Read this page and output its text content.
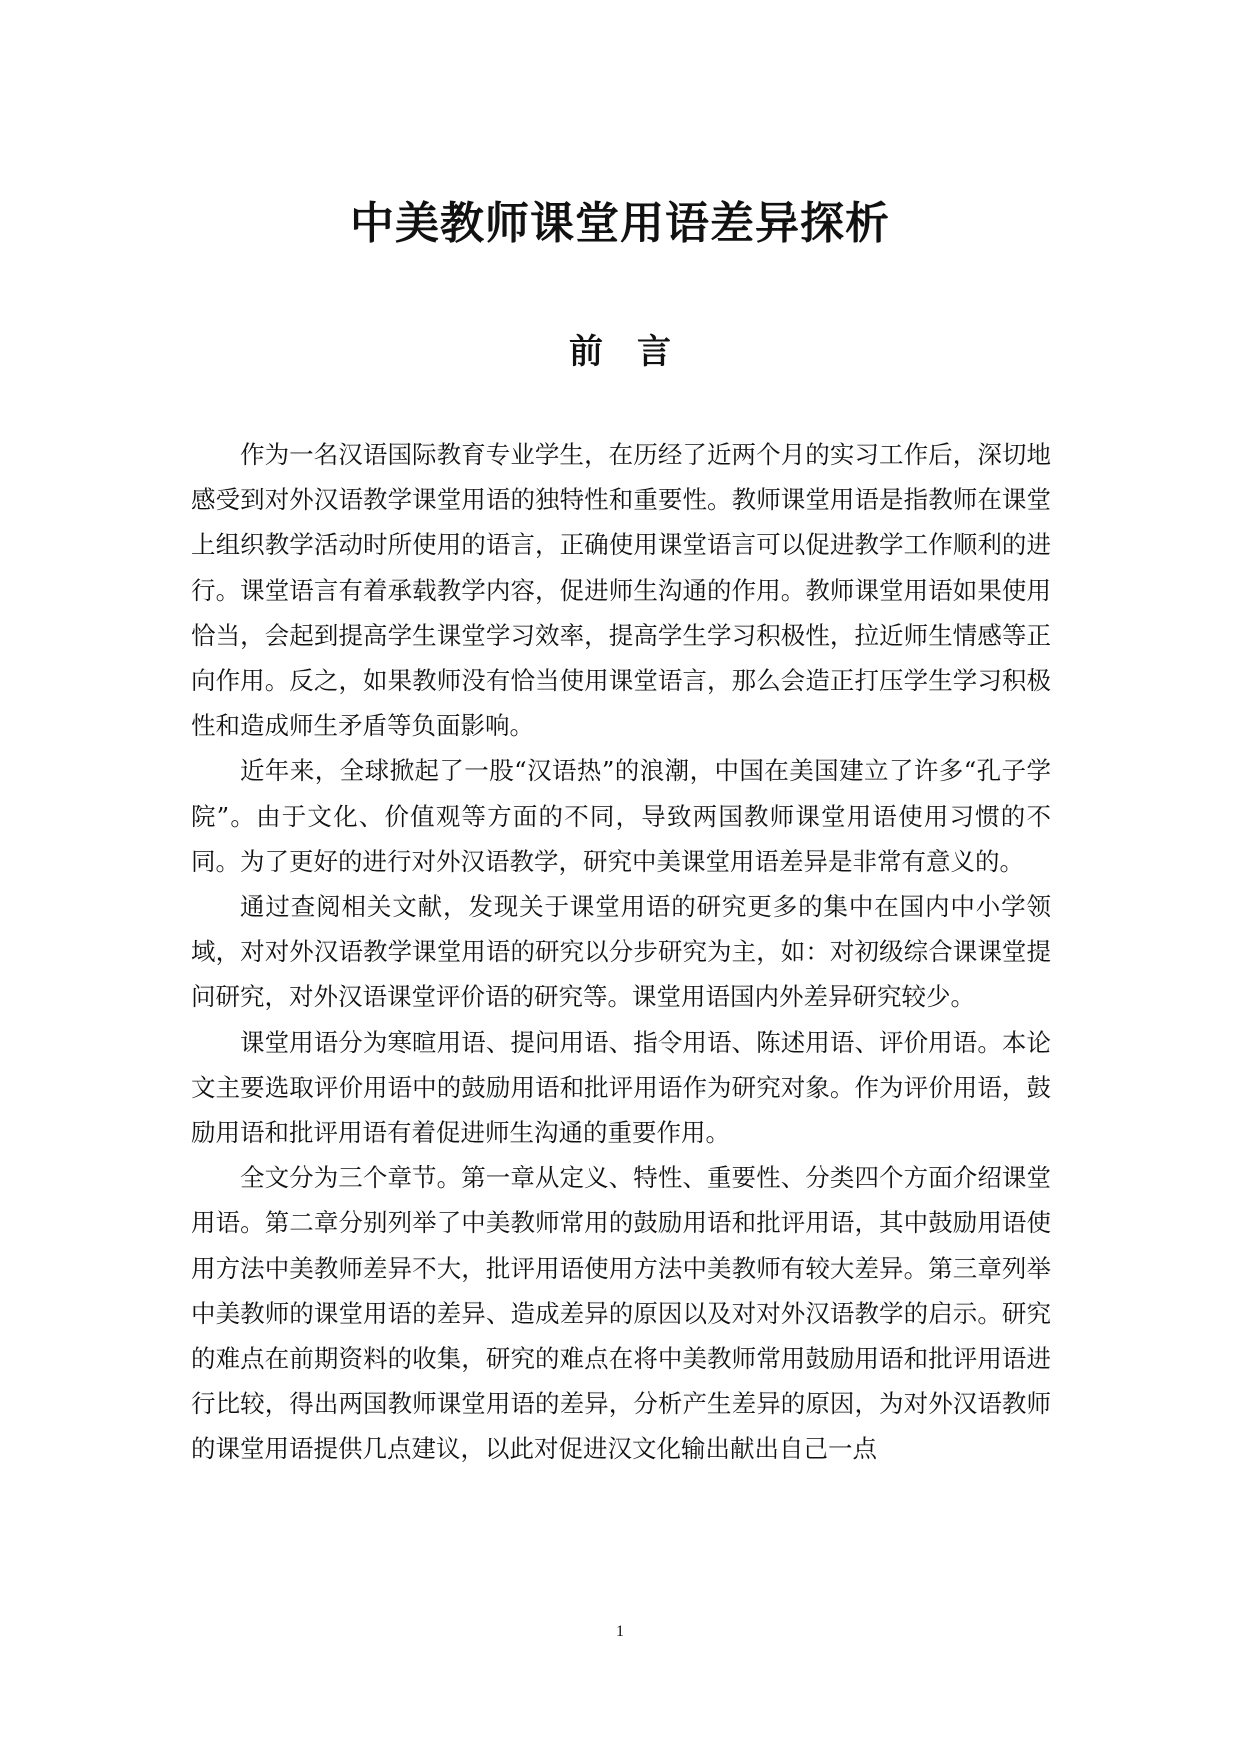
中美教师课堂用语差异探析
前　言

作为一名汉语国际教育专业学生，在历经了近两个月的实习工作后，深切地感受到对外汉语教学课堂用语的独特性和重要性。教师课堂用语是指教师在课堂上组织教学活动时所使用的语言，正确使用课堂语言可以促进教学工作顺利的进行。课堂语言有着承载教学内容，促进师生沟通的作用。教师课堂用语如果使用恰当，会起到提高学生课堂学习效率，提高学生学习积极性，拉近师生情感等正向作用。反之，如果教师没有恰当使用课堂语言，那么会造正打压学生学习积极性和造成师生矛盾等负面影响。

近年来，全球掀起了一股“汉语热”的浪潮，中国在美国建立了许多“孔子学院”。由于文化、价值观等方面的不同，导致两国教师课堂用语使用习惯的不同。为了更好的进行对外汉语教学，研究中美课堂用语差异是非常有意义的。

通过查阅相关文献，发现关于课堂用语的研究更多的集中在国内中小学领域，对对外汉语教学课堂用语的研究以分步研究为主，如：对初级综合课课堂提问研究，对外汉语课堂评价语的研究等。课堂用语国内外差异研究较少。

课堂用语分为寒暄用语、提问用语、指令用语、陈述用语、评价用语。本论文主要选取评价用语中的鼓励用语和批评用语作为研究对象。作为评价用语，鼓励用语和批评用语有着促进师生沟通的重要作用。

全文分为三个章节。第一章从定义、特性、重要性、分类四个方面介绍课堂用语。第二章分别列举了中美教师常用的鼓励用语和批评用语，其中鼓励用语使用方法中美教师差异不大，批评用语使用方法中美教师有较大差异。第三章列举中美教师的课堂用语的差异、造成差异的原因以及对对外汉语教学的启示。研究的难点在前期资料的收集，研究的难点在将中美教师常用鼓励用语和批评用语进行比较，得出两国教师课堂用语的差异，分析产生差异的原因，为对外汉语教师的课堂用语提供几点建议，以此对促进汉文化输出献出自己一点

1
